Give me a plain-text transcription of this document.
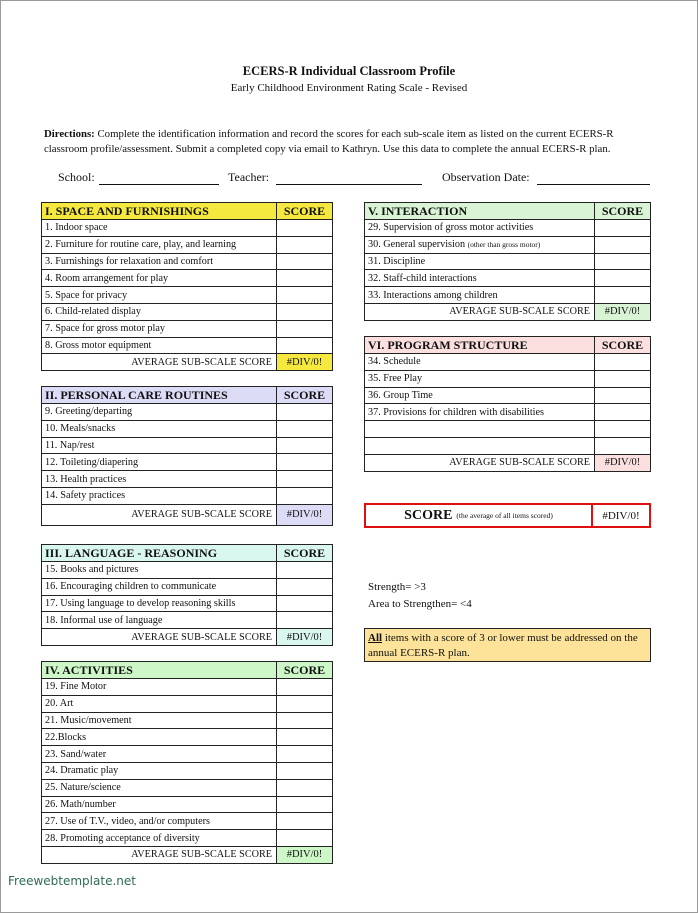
ECERS-R Individual Classroom Profile
Early Childhood Environment Rating Scale - Revised
Directions: Complete the identification information and record the scores for each sub-scale item as listed on the current ECERS-R classroom profile/assessment. Submit a completed copy via email to Kathryn. Use this data to complete the annual ECERS-R plan.
School:	Teacher:	Observation Date:
I. SPACE AND FURNISHINGS	SCORE
1. Indoor space	
2. Furniture for routine care, play, and learning	
3. Furnishings for relaxation and comfort	
4. Room arrangement for play	
5. Space for privacy	
6. Child-related display	
7. Space for gross motor play	
8. Gross motor equipment	
AVERAGE SUB-SCALE SCORE	#DIV/0!
II. PERSONAL CARE ROUTINES	SCORE
9. Greeting/departing	
10. Meals/snacks	
11. Nap/rest	
12. Toileting/diapering	
13. Health practices	
14. Safety practices	
AVERAGE SUB-SCALE SCORE	#DIV/0!
III. LANGUAGE - REASONING	SCORE
15. Books and pictures	
16. Encouraging children to communicate	
17. Using language to develop reasoning skills	
18. Informal use of language	
AVERAGE SUB-SCALE SCORE	#DIV/0!
IV. ACTIVITIES	SCORE
19. Fine Motor	
20. Art	
21. Music/movement	
22.Blocks	
23. Sand/water	
24. Dramatic play	
25. Nature/science	
26. Math/number	
27. Use of T.V., video, and/or computers	
28. Promoting acceptance of diversity	
AVERAGE SUB-SCALE SCORE	#DIV/0!
V. INTERACTION	SCORE
29. Supervision of gross motor activities	
30. General supervision (other than gross motor)	
31. Discipline	
32. Staff-child interactions	
33. Interactions among children	
AVERAGE SUB-SCALE SCORE	#DIV/0!
VI. PROGRAM STRUCTURE	SCORE
34. Schedule	
35. Free Play	
36. Group Time	
37. Provisions for children with disabilities	

AVERAGE SUB-SCALE SCORE	#DIV/0!
SCORE (the average of all items scored)	#DIV/0!
Strength= >3
Area to Strengthen= <4
All items with a score of 3 or lower must be addressed on the annual ECERS-R plan.
Freewebtemplate.net
